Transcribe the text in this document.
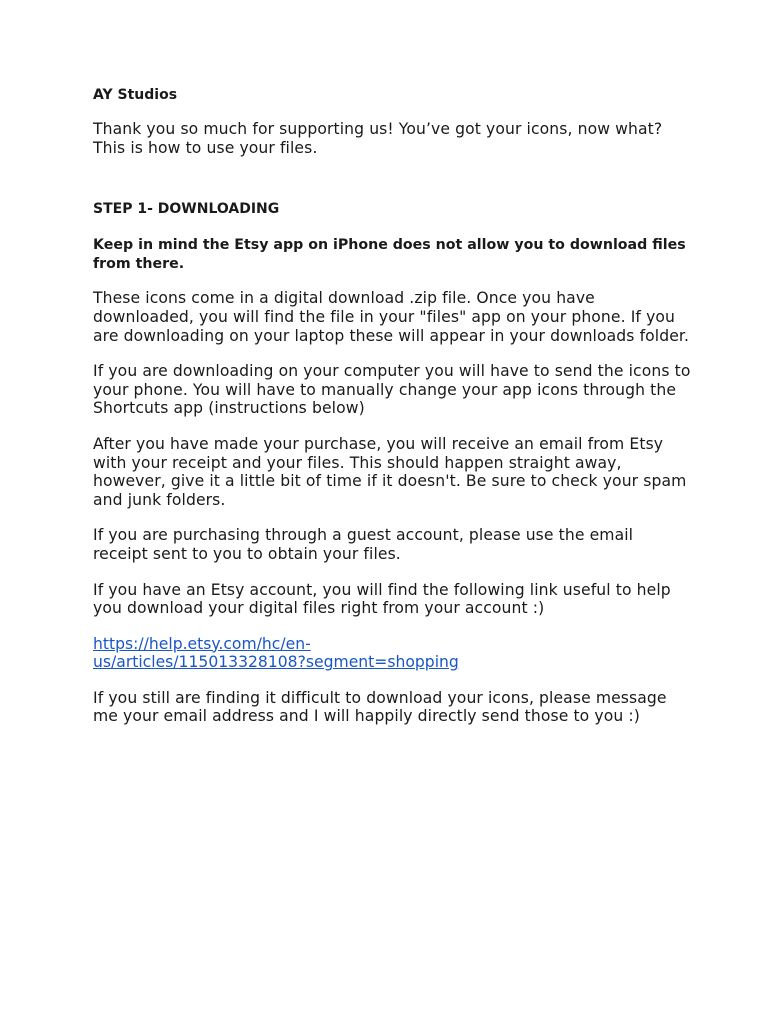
AY Studios

Thank you so much for supporting us! You’ve got your icons, now what? This is how to use your files.

STEP 1- DOWNLOADING

Keep in mind the Etsy app on iPhone does not allow you to download files from there.

These icons come in a digital download .zip file. Once you have downloaded, you will find the file in your "files" app on your phone. If you are downloading on your laptop these will appear in your downloads folder.

If you are downloading on your computer you will have to send the icons to your phone. You will have to manually change your app icons through the Shortcuts app (instructions below)

After you have made your purchase, you will receive an email from Etsy with your receipt and your files. This should happen straight away, however, give it a little bit of time if it doesn't. Be sure to check your spam and junk folders.

If you are purchasing through a guest account, please use the email receipt sent to you to obtain your files.

If you have an Etsy account, you will find the following link useful to help you download your digital files right from your account :)

https://help.etsy.com/hc/en-
us/articles/115013328108?segment=shopping

If you still are finding it difficult to download your icons, please message me your email address and I will happily directly send those to you :)
